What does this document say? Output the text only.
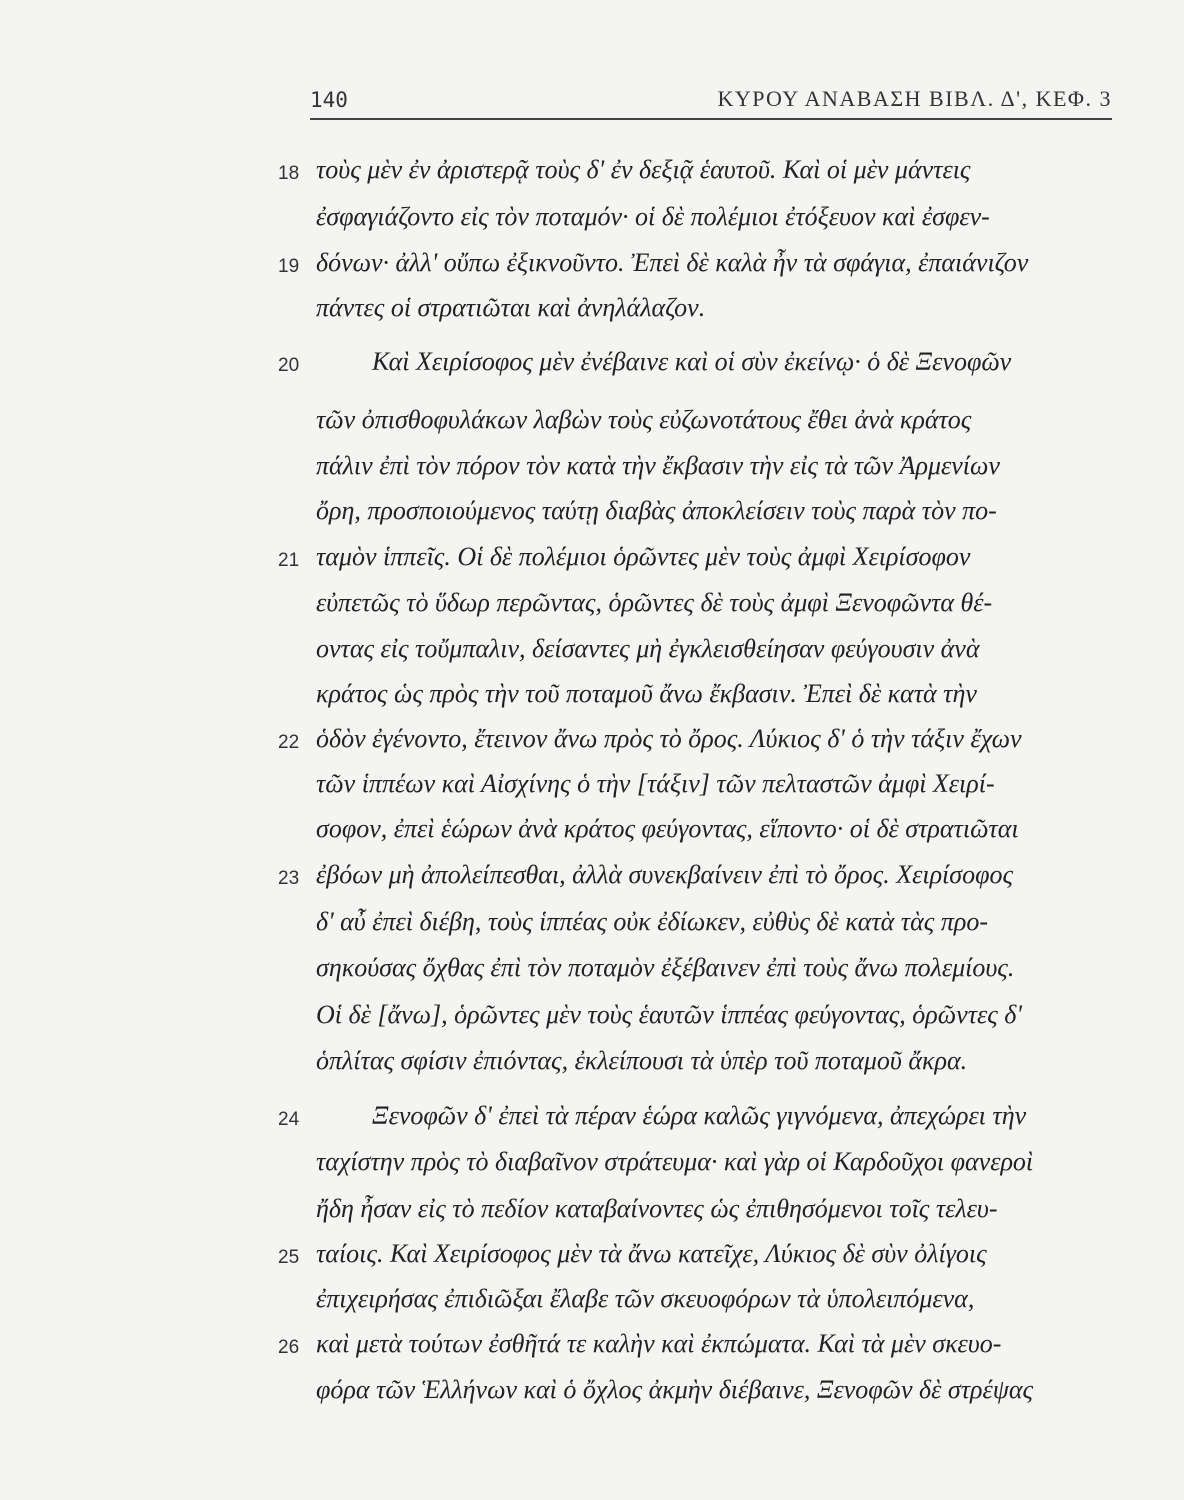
140	ΚΥΡΟΥ ΑΝΑΒΑΣΗ ΒΙΒΛ. Δ', ΚΕΦ. 3
18 τοὺς μὲν ἐν ἀριστερᾷ τοὺς δ' ἐν δεξιᾷ ἑαυτοῦ. Καὶ οἱ μὲν μάντεις
ἐσφαγιάζοντο εἰς τὸν ποταμόν· οἱ δὲ πολέμιοι ἐτόξευον καὶ ἐσφεν-
19 δόνων· ἀλλ' οὔπω ἐξικνοῦντο. Ἐπεὶ δὲ καλὰ ἦν τὰ σφάγια, ἐπαιάνιζον
πάντες οἱ στρατιῶται καὶ ἀνηλάλαζον.
20	Καὶ Χειρίσοφος μὲν ἐνέβαινε καὶ οἱ σὺν ἐκείνῳ· ὁ δὲ Ξενοφῶν
τῶν ὀπισθοφυλάκων λαβὼν τοὺς εὐζωνοτάτους ἔθει ἀνὰ κράτος
πάλιν ἐπὶ τὸν πόρον τὸν κατὰ τὴν ἔκβασιν τὴν εἰς τὰ τῶν Ἀρμενίων
ὄρη, προσποιούμενος ταύτῃ διαβὰς ἀποκλείσειν τοὺς παρὰ τὸν πο-
21 ταμὸν ἱππεῖς. Οἱ δὲ πολέμιοι ὁρῶντες μὲν τοὺς ἀμφὶ Χειρίσοφον
εὐπετῶς τὸ ὕδωρ περῶντας, ὁρῶντες δὲ τοὺς ἀμφὶ Ξενοφῶντα θέ-
οντας εἰς τοὔμπαλιν, δείσαντες μὴ ἐγκλεισθείησαν φεύγουσιν ἀνὰ
κράτος ὡς πρὸς τὴν τοῦ ποταμοῦ ἄνω ἔκβασιν. Ἐπεὶ δὲ κατὰ τὴν
22 ὁδὸν ἐγένοντο, ἔτεινον ἄνω πρὸς τὸ ὄρος. Λύκιος δ' ὁ τὴν τάξιν ἔχων
τῶν ἱππέων καὶ Αἰσχίνης ὁ τὴν [τάξιν] τῶν πελταστῶν ἀμφὶ Χειρί-
σοφον, ἐπεὶ ἑώρων ἀνὰ κράτος φεύγοντας, εἵποντο· οἱ δὲ στρατιῶται
23 ἐβόων μὴ ἀπολείπεσθαι, ἀλλὰ συνεκβαίνειν ἐπὶ τὸ ὄρος. Χειρίσοφος
δ' αὖ ἐπεὶ διέβη, τοὺς ἱππέας οὐκ ἐδίωκεν, εὐθὺς δὲ κατὰ τὰς προ-
σηκούσας ὄχθας ἐπὶ τὸν ποταμὸν ἐξέβαινεν ἐπὶ τοὺς ἄνω πολεμίους.
Οἱ δὲ [ἄνω], ὁρῶντες μὲν τοὺς ἑαυτῶν ἱππέας φεύγοντας, ὁρῶντες δ'
ὁπλίτας σφίσιν ἐπιόντας, ἐκλείπουσι τὰ ὑπὲρ τοῦ ποταμοῦ ἄκρα.
24	Ξενοφῶν δ' ἐπεὶ τὰ πέραν ἑώρα καλῶς γιγνόμενα, ἀπεχώρει τὴν
ταχίστην πρὸς τὸ διαβαῖνον στράτευμα· καὶ γὰρ οἱ Καρδοῦχοι φανεροὶ
ἤδη ἦσαν εἰς τὸ πεδίον καταβαίνοντες ὡς ἐπιθησόμενοι τοῖς τελευ-
25 ταίοις. Καὶ Χειρίσοφος μὲν τὰ ἄνω κατεῖχε, Λύκιος δὲ σὺν ὀλίγοις
ἐπιχειρήσας ἐπιδιῶξαι ἔλαβε τῶν σκευοφόρων τὰ ὑπολειπόμενα,
26 καὶ μετὰ τούτων ἐσθῆτά τε καλὴν καὶ ἐκπώματα. Καὶ τὰ μὲν σκευο-
φόρα τῶν Ἑλλήνων καὶ ὁ ὄχλος ἀκμὴν διέβαινε, Ξενοφῶν δὲ στρέψας
